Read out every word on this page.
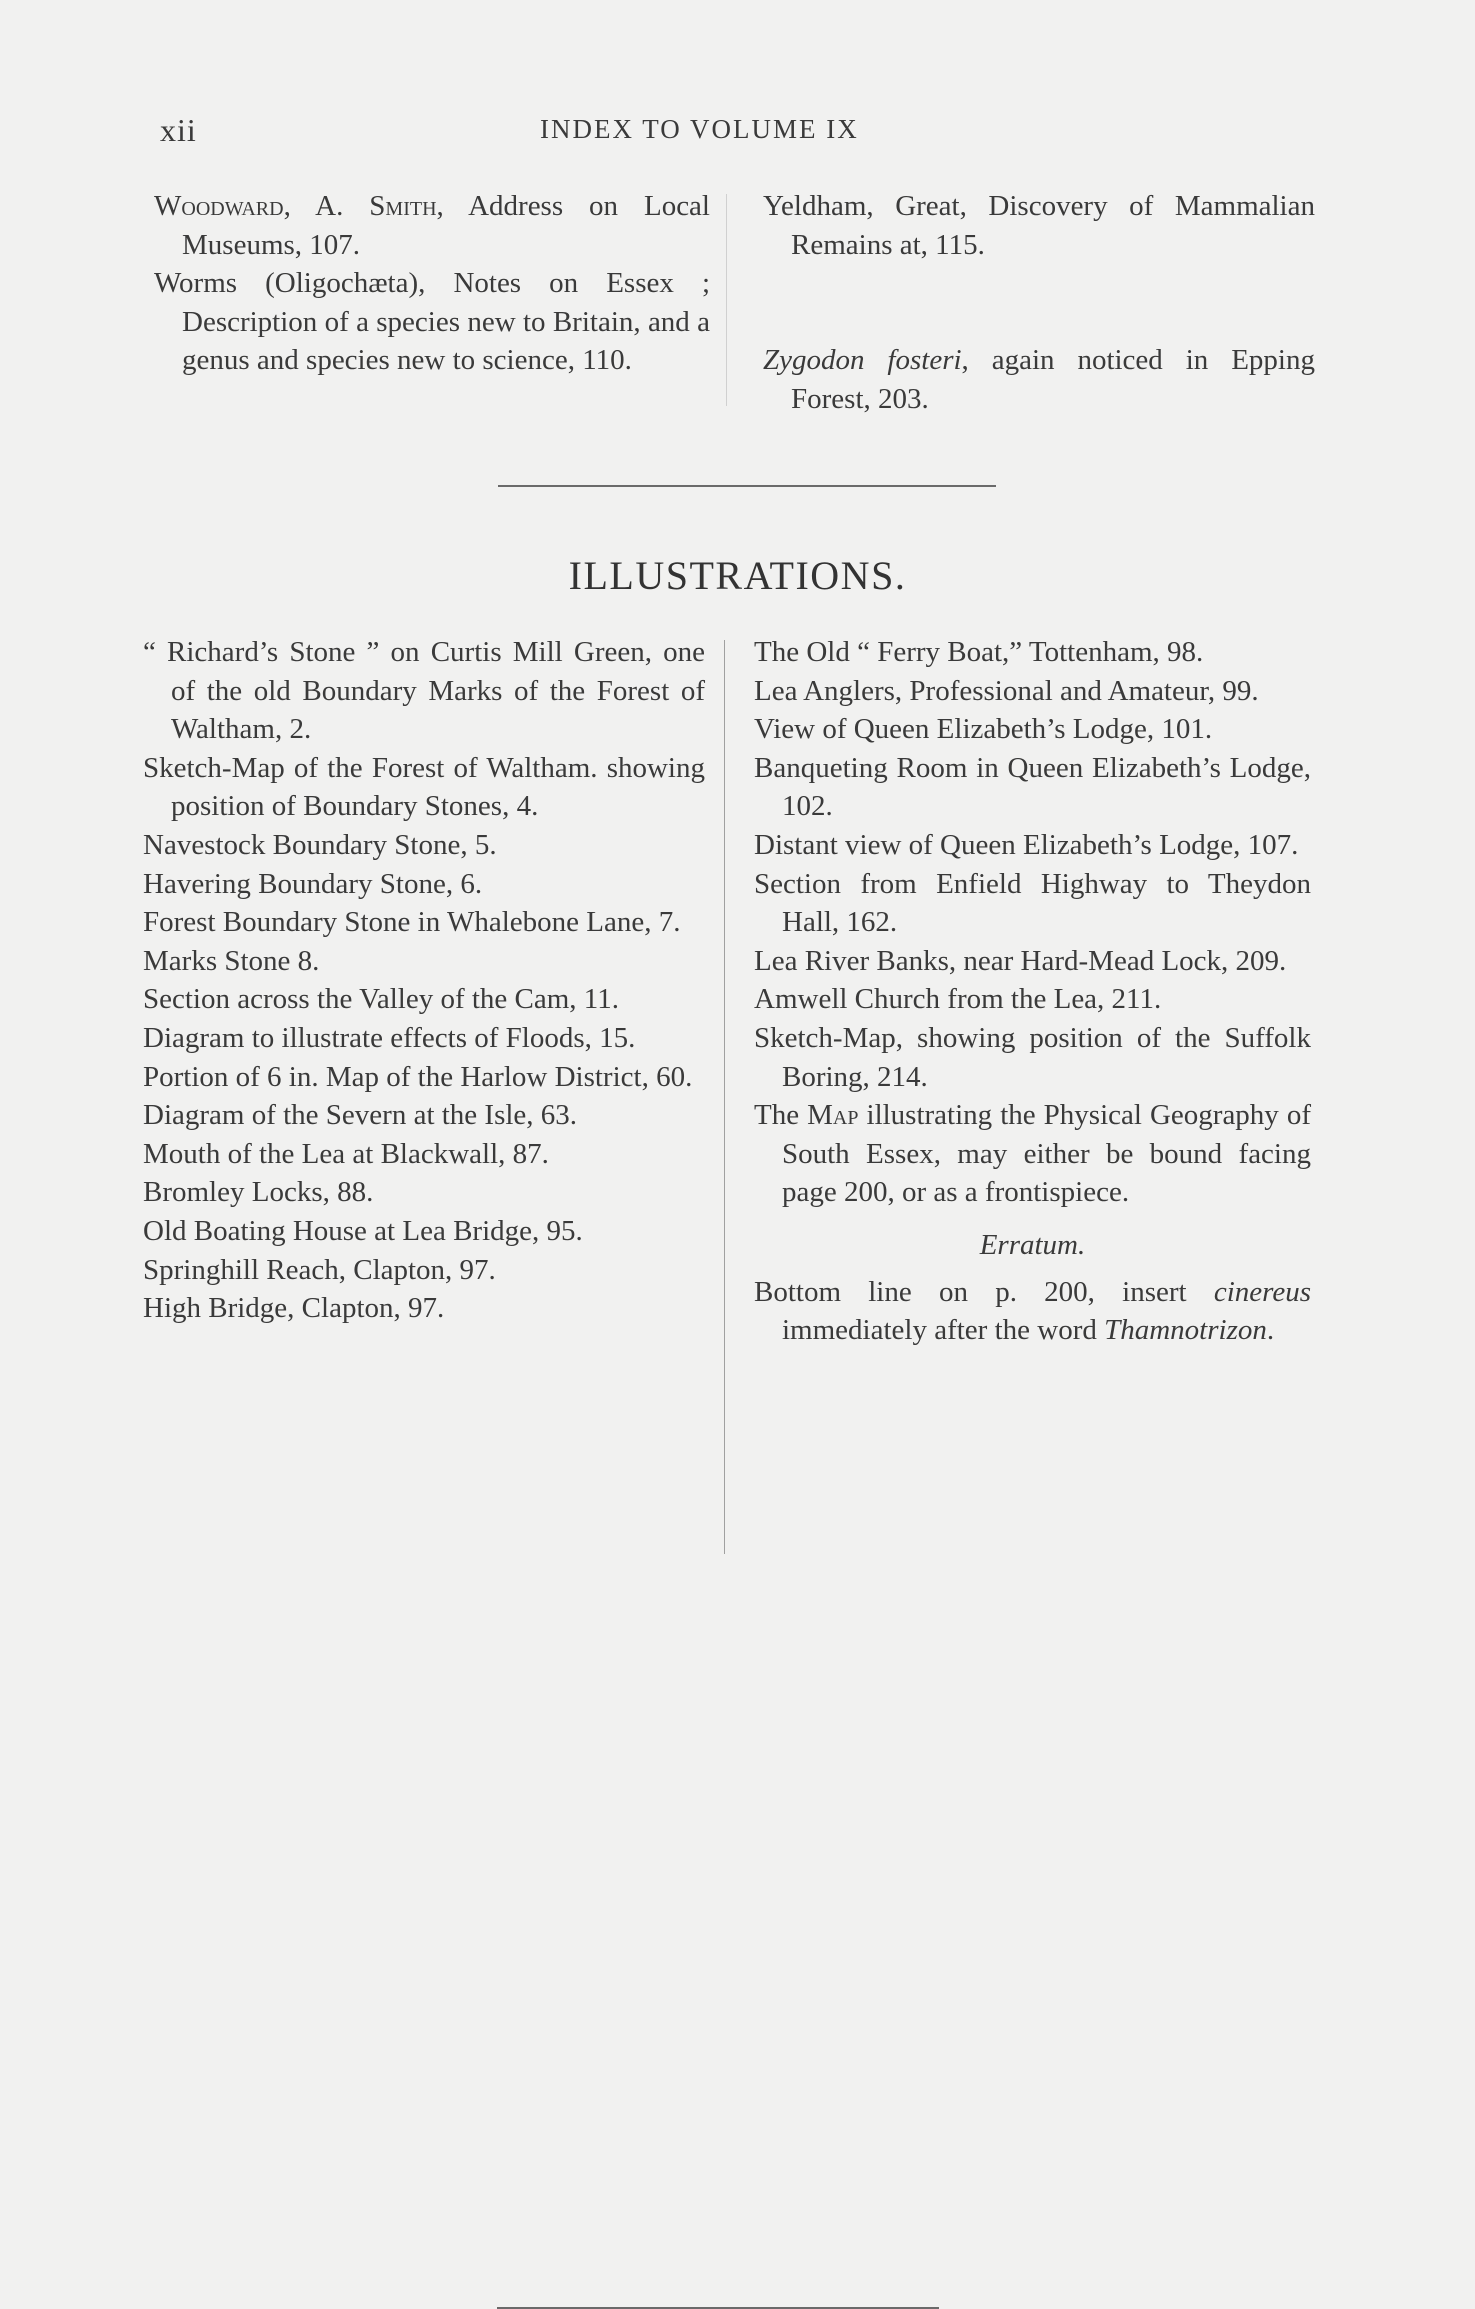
xii	INDEX TO VOLUME IX

Woodward, A. Smith, Address on Local Museums, 107.

Worms (Oligochæta), Notes on Essex ; Description of a species new to Britain, and a genus and species new to science, 110.

Yeldham, Great, Discovery of Mammalian Remains at, 115.

Zygodon fosteri, again noticed in Epping Forest, 203.

ILLUSTRATIONS.

“ Richard’s Stone ” on Curtis Mill Green, one of the old Boundary Marks of the Forest of Waltham, 2.

Sketch-Map of the Forest of Waltham. showing position of Boundary Stones, 4.

Navestock Boundary Stone, 5.

Havering Boundary Stone, 6.

Forest Boundary Stone in Whalebone Lane, 7.

Marks Stone 8.

Section across the Valley of the Cam, 11.

Diagram to illustrate effects of Floods, 15.

Portion of 6 in. Map of the Harlow District, 60.

Diagram of the Severn at the Isle, 63.

Mouth of the Lea at Blackwall, 87.

Bromley Locks, 88.

Old Boating House at Lea Bridge, 95.

Springhill Reach, Clapton, 97.

High Bridge, Clapton, 97.

The Old “ Ferry Boat,” Tottenham, 98.

Lea Anglers, Professional and Amateur, 99.

View of Queen Elizabeth’s Lodge, 101.

Banqueting Room in Queen Elizabeth’s Lodge, 102.

Distant view of Queen Elizabeth’s Lodge, 107.

Section from Enfield Highway to Theydon Hall, 162.

Lea River Banks, near Hard-Mead Lock, 209.

Amwell Church from the Lea, 211.

Sketch-Map, showing position of the Suffolk Boring, 214.

The Map illustrating the Physical Geography of South Essex, may either be bound facing page 200, or as a frontispiece.

Erratum.

Bottom line on p. 200, insert cinereus immediately after the word Thamnotrizon.
